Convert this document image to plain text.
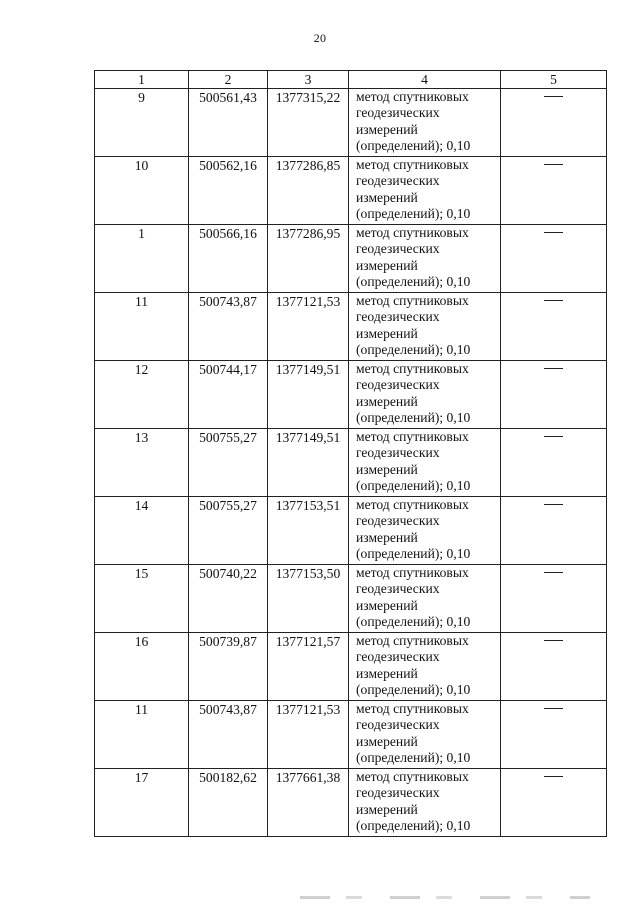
20
1	2	3	4	5
9	500561,43	1377315,22	метод спутниковых
геодезических
измерений
(определений); 0,10

10	500562,16	1377286,85	метод спутниковых
геодезических
измерений
(определений); 0,10

1	500566,16	1377286,95	метод спутниковых
геодезических
измерений
(определений); 0,10

11	500743,87	1377121,53	метод спутниковых
геодезических
измерений
(определений); 0,10

12	500744,17	1377149,51	метод спутниковых
геодезических
измерений
(определений); 0,10

13	500755,27	1377149,51	метод спутниковых
геодезических
измерений
(определений); 0,10

14	500755,27	1377153,51	метод спутниковых
геодезических
измерений
(определений); 0,10

15	500740,22	1377153,50	метод спутниковых
геодезических
измерений
(определений); 0,10

16	500739,87	1377121,57	метод спутниковых
геодезических
измерений
(определений); 0,10

11	500743,87	1377121,53	метод спутниковых
геодезических
измерений
(определений); 0,10

17	500182,62	1377661,38	метод спутниковых
геодезических
измерений
(определений); 0,10
